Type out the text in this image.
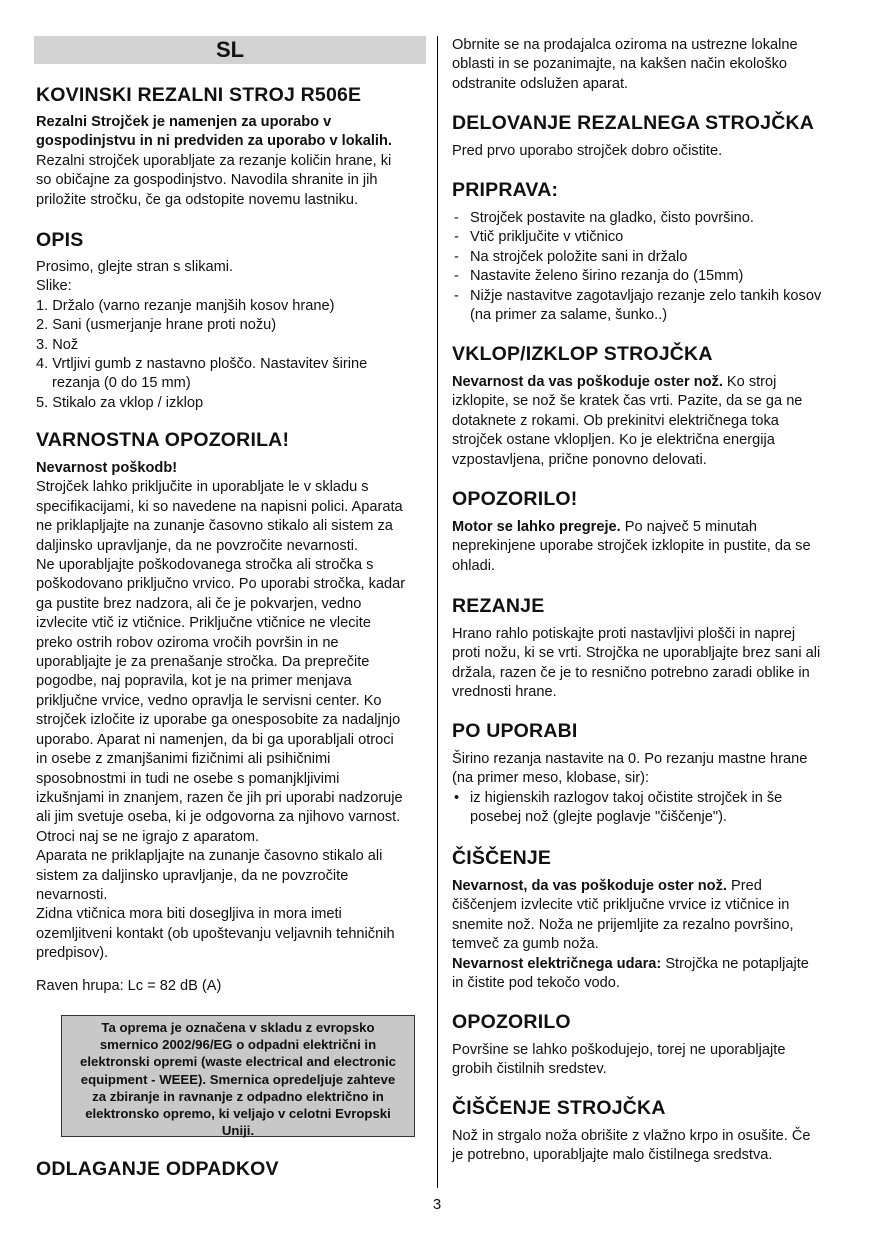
SL
KOVINSKI REZALNI STROJ R506E
Rezalni Strojček je namenjen za uporabo v
gospodinjstvu in ni predviden za uporabo v lokalih.
Rezalni strojček uporabljate za rezanje količin hrane, ki
so običajne za gospodinjstvo. Navodila shranite in jih
priložite stročku, če ga odstopite novemu lastniku.
OPIS
Prosimo, glejte stran s slikami.
Slike:
1. Držalo (varno rezanje manjših kosov hrane)
2. Sani (usmerjanje hrane proti nožu)
3. Nož
4. Vrtljivi gumb z nastavno ploščo. Nastavitev širine
rezanja (0 do 15 mm)
5. Stikalo za vklop / izklop
VARNOSTNA OPOZORILA!
Nevarnost poškodb!
Strojček lahko priključite in uporabljate le v skladu s
specifikacijami, ki so navedene na napisni polici. Aparata
ne priklapljajte na zunanje časovno stikalo ali sistem za
daljinsko upravljanje, da ne povzročite nevarnosti.
Ne uporabljajte poškodovanega stročka ali stročka s
poškodovano priključno vrvico. Po uporabi stročka, kadar
ga pustite brez nadzora, ali če je pokvarjen, vedno
izvlecite vtič iz vtičnice. Priključne vtičnice ne vlecite
preko ostrih robov oziroma vročih površin in ne
uporabljajte je za prenašanje stročka. Da preprečite
pogodbe, naj popravila, kot je na primer menjava
priključne vrvice, vedno opravlja le servisni center. Ko
strojček izločite iz uporabe ga onesposobite za nadaljnjo
uporabo. Aparat ni namenjen, da bi ga uporabljali otroci
in osebe z zmanjšanimi fizičnimi ali psihičnimi
sposobnostmi in tudi ne osebe s pomanjkljivimi
izkušnjami in znanjem, razen če jih pri uporabi nadzoruje
ali jim svetuje oseba, ki je odgovorna za njihovo varnost.
Otroci naj se ne igrajo z aparatom.
Aparata ne priklapljajte na zunanje časovno stikalo ali
sistem za daljinsko upravljanje, da ne povzročite
nevarnosti.
Zidna vtičnica mora biti dosegljiva in mora imeti
ozemljitveni kontakt (ob upoštevanju veljavnih tehničnih
predpisov).
Raven hrupa: Lc = 82 dB (A)
Ta oprema je označena v skladu z evropsko
smernico 2002/96/EG o odpadni električni in
elektronski opremi (waste electrical and electronic
equipment - WEEE). Smernica opredeljuje zahteve
za zbiranje in ravnanje z odpadno električno in
elektronsko opremo, ki veljajo v celotni Evropski
Uniji.
ODLAGANJE ODPADKOV
Obrnite se na prodajalca oziroma na ustrezne lokalne
oblasti in se pozanimajte, na kakšen način ekološko
odstranite odslužen aparat.
DELOVANJE REZALNEGA STROJČKA
Pred prvo uporabo strojček dobro očistite.
PRIPRAVA:
- Strojček postavite na gladko, čisto površino.
- Vtič priključite v vtičnico
- Na strojček položite sani in držalo
- Nastavite želeno širino rezanja do (15mm)
- Nižje nastavitve zagotavljajo rezanje zelo tankih kosov
(na primer za salame, šunko..)
VKLOP/IZKLOP STROJČKA
Nevarnost da vas poškoduje oster nož. Ko stroj
izklopite, se nož še kratek čas vrti. Pazite, da se ga ne
dotaknete z rokami. Ob prekinitvi električnega toka
strojček ostane vklopljen. Ko je električna energija
vzpostavljena, prične ponovno delovati.
OPOZORILO!
Motor se lahko pregreje. Po največ 5 minutah
neprekinjene uporabe strojček izklopite in pustite, da se
ohladi.
REZANJE
Hrano rahlo potiskajte proti nastavljivi plošči in naprej
proti nožu, ki se vrti. Strojčka ne uporabljajte brez sani ali
držala, razen če je to resnično potrebno zaradi oblike in
vrednosti hrane.
PO UPORABI
Širino rezanja nastavite na 0. Po rezanju mastne hrane
(na primer meso, klobase, sir):
• iz higienskih razlogov takoj očistite strojček in še
posebej nož (glejte poglavje "čiščenje").
ČIŠČENJE
Nevarnost, da vas poškoduje oster nož. Pred
čiščenjem izvlecite vtič priključne vrvice iz vtičnice in
snemite nož. Noža ne prijemljite za rezalno površino,
temveč za gumb noža.
Nevarnost električnega udara: Strojčka ne potapljajte
in čistite pod tekočo vodo.
OPOZORILO
Površine se lahko poškodujejo, torej ne uporabljajte
grobih čistilnih sredstev.
ČIŠČENJE STROJČKA
Nož in strgalo noža obrišite z vlažno krpo in osušite. Če
je potrebno, uporabljajte malo čistilnega sredstva.
3
